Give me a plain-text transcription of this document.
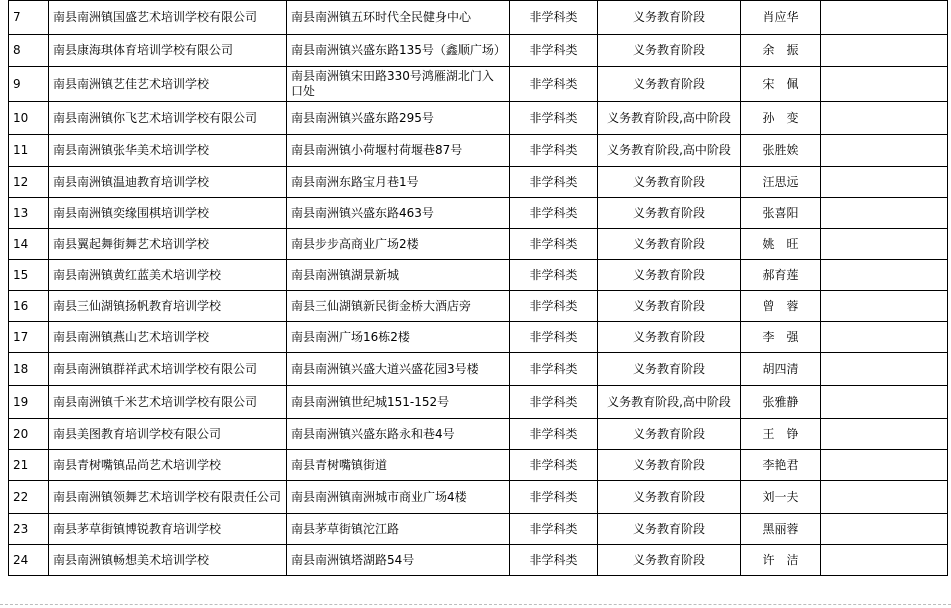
7	南县南洲镇国盛艺术培训学校有限公司	南县南洲镇五环时代全民健身中心	非学科类	义务教育阶段	肖应华	
8	南县康海琪体育培训学校有限公司	南县南洲镇兴盛东路135号（鑫顺广场）	非学科类	义务教育阶段	余　振	
9	南县南洲镇艺佳艺术培训学校	南县南洲镇宋田路330号鸿雁湖北门入口处	非学科类	义务教育阶段	宋　佩	
10	南县南洲镇你飞艺术培训学校有限公司	南县南洲镇兴盛东路295号	非学科类	义务教育阶段,高中阶段	孙　变	
11	南县南洲镇张华美术培训学校	南县南洲镇小荷堰村荷堰巷87号	非学科类	义务教育阶段,高中阶段	张胜娭	
12	南县南洲镇温迪教育培训学校	南县南洲东路宝月巷1号	非学科类	义务教育阶段	汪思远	
13	南县南洲镇奕缘围棋培训学校	南县南洲镇兴盛东路463号	非学科类	义务教育阶段	张喜阳	
14	南县翼起舞街舞艺术培训学校	南县步步高商业广场2楼	非学科类	义务教育阶段	姚　旺	
15	南县南洲镇黄红蓝美术培训学校	南县南洲镇湖景新城	非学科类	义务教育阶段	郝育莲	
16	南县三仙湖镇扬帆教育培训学校	南县三仙湖镇新民街金桥大酒店旁	非学科类	义务教育阶段	曾　蓉	
17	南县南洲镇燕山艺术培训学校	南县南洲广场16栋2楼	非学科类	义务教育阶段	李　强	
18	南县南洲镇群祥武术培训学校有限公司	南县南洲镇兴盛大道兴盛花园3号楼	非学科类	义务教育阶段	胡四清	
19	南县南洲镇千米艺术培训学校有限公司	南县南洲镇世纪城151-152号	非学科类	义务教育阶段,高中阶段	张雅静	
20	南县美图教育培训学校有限公司	南县南洲镇兴盛东路永和巷4号	非学科类	义务教育阶段	王　铮	
21	南县青树嘴镇品尚艺术培训学校	南县青树嘴镇街道	非学科类	义务教育阶段	李艳君	
22	南县南洲镇领舞艺术培训学校有限责任公司	南县南洲镇南洲城市商业广场4楼	非学科类	义务教育阶段	刘一夫	
23	南县茅草街镇博锐教育培训学校	南县茅草街镇沱江路	非学科类	义务教育阶段	黑丽蓉	
24	南县南洲镇畅想美术培训学校	南县南洲镇塔湖路54号	非学科类	义务教育阶段	许　洁	
